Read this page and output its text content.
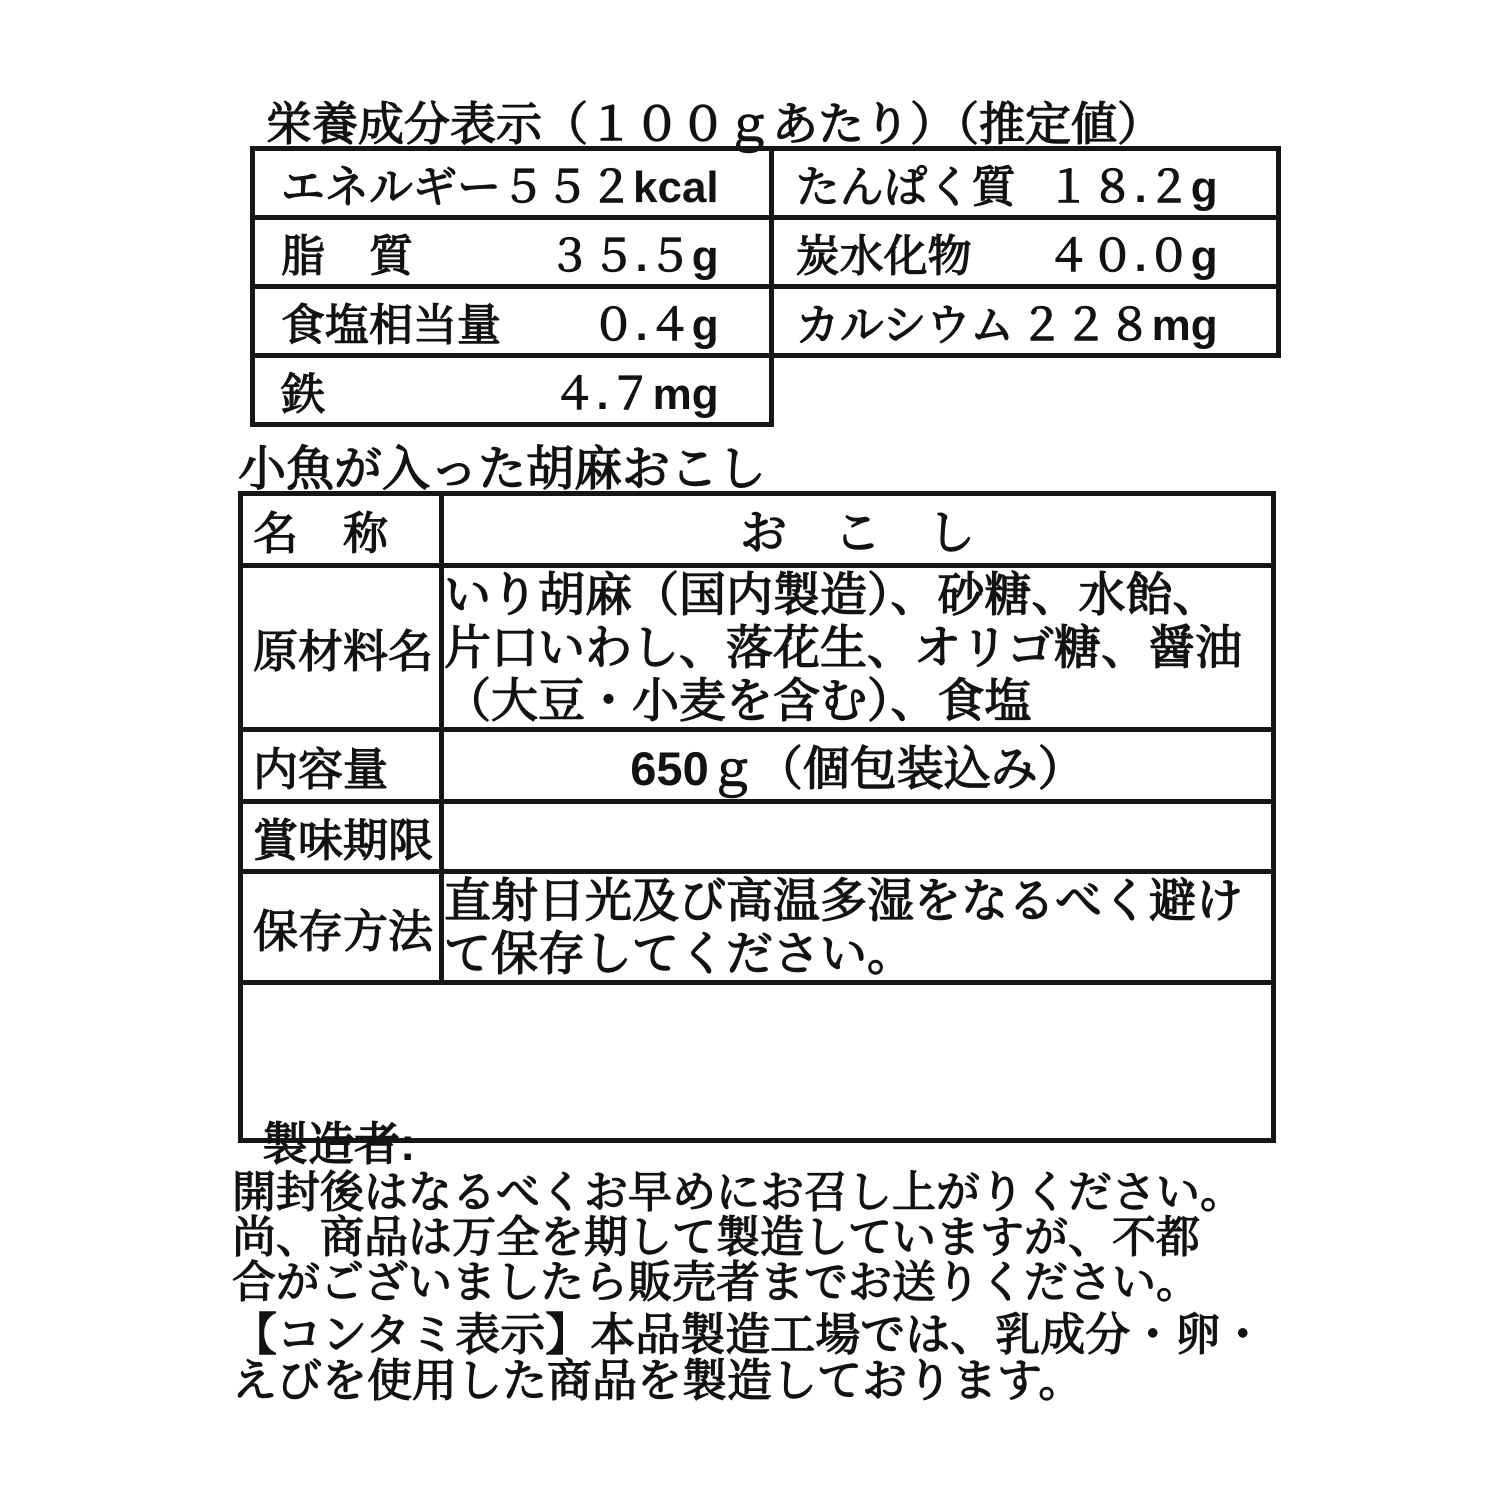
栄養成分表示（１００ｇあたり）（推定値）
エネルギー ５５２kcal	たんぱく質 １８.２g

脂　質 ３５.５g	炭水化物 ４０.０g

食塩相当量 ０.４g	カルシウム ２２８mg

鉄 ４.７mg	

小魚が入った胡麻おこし
名　称	お　こ　し
原材料名	いり胡麻（国内製造）、砂糖、水飴、
片口いわし、落花生、オリゴ糖、醤油
（大豆・小麦を含む）、食塩

内容量	650ｇ（個包装込み）
賞味期限	
保存方法	直射日光及び高温多湿をなるべく避け
て保存してください。

製造者:
開封後はなるべくお早めにお召し上がりください。
尚、商品は万全を期して製造していますが、不都
合がございましたら販売者までお送りください。
【コンタミ表示】本品製造工場では、乳成分・卵・
えびを使用した商品を製造しております。
